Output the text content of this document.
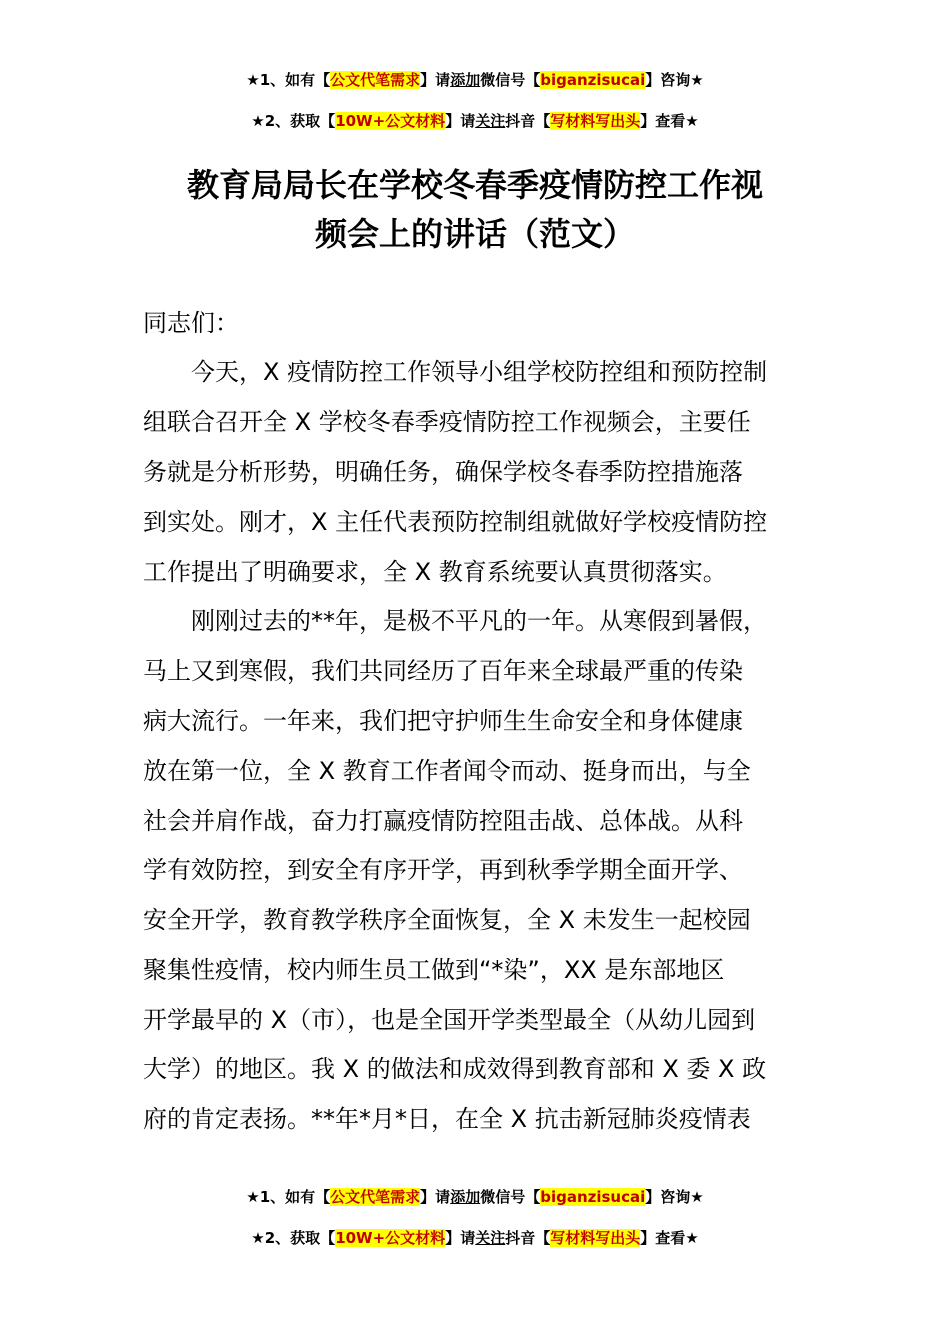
★1、如有【公文代笔需求】请添加微信号【biganzisucai】咨询★
★2、获取【10W+公文材料】请关注抖音【写材料写出头】查看★
教育局局长在学校冬春季疫情防控工作视
频会上的讲话（范文）
同志们：
　　今天，X 疫情防控工作领导小组学校防控组和预防控制
组联合召开全 X 学校冬春季疫情防控工作视频会，主要任
务就是分析形势，明确任务，确保学校冬春季防控措施落
到实处。刚才，X 主任代表预防控制组就做好学校疫情防控
工作提出了明确要求，全 X 教育系统要认真贯彻落实。
　　刚刚过去的**年，是极不平凡的一年。从寒假到暑假，
马上又到寒假，我们共同经历了百年来全球最严重的传染
病大流行。一年来，我们把守护师生生命安全和身体健康
放在第一位，全 X 教育工作者闻令而动、挺身而出，与全
社会并肩作战，奋力打赢疫情防控阻击战、总体战。从科
学有效防控，到安全有序开学，再到秋季学期全面开学、
安全开学，教育教学秩序全面恢复，全 X 未发生一起校园
聚集性疫情，校内师生员工做到“*染”，XX 是东部地区
开学最早的 X（市），也是全国开学类型最全（从幼儿园到
大学）的地区。我 X 的做法和成效得到教育部和 X 委 X 政
府的肯定表扬。**年*月*日，在全 X 抗击新冠肺炎疫情表
★1、如有【公文代笔需求】请添加微信号【biganzisucai】咨询★
★2、获取【10W+公文材料】请关注抖音【写材料写出头】查看★
